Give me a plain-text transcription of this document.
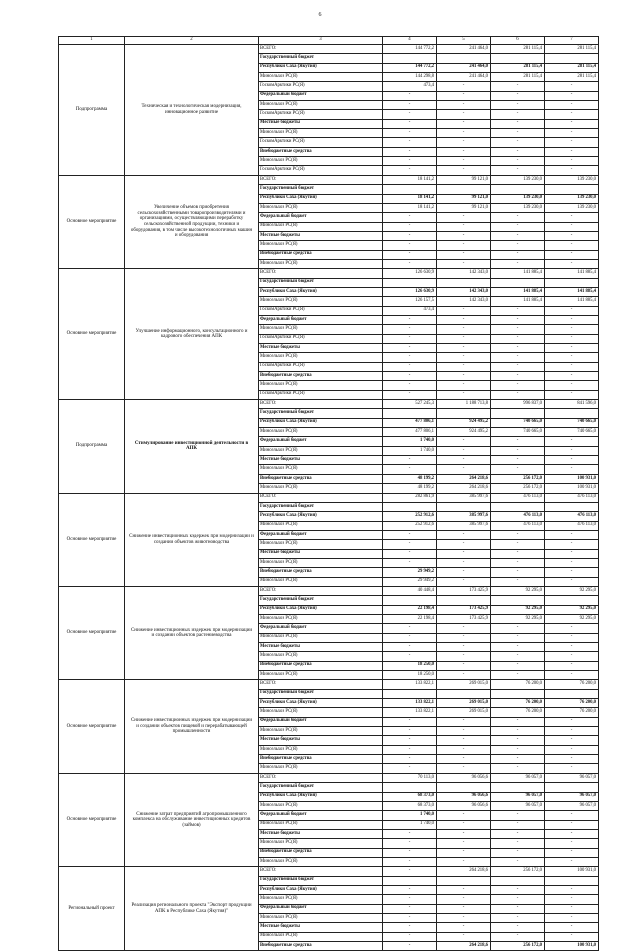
6
1	2	3	4	5	6	7
Подпрограмма	Техническая и технологическая модернизация, инновационное развитие	ВСЕГО:	144 772,2	241 464,0	281 115,4	281 115,4
		Государственный бюджет				
		Республики Саха (Якутия)	144 772,2	241 464,0	281 115,4	281 115,4
		Минсельхоз РС(Я)	144 298,8	241 464,0	281 115,4	281 115,4
		ГоскомАрктики РС(Я)	473,4	-	-	-
		Федеральный бюджет	-	-	-	-
		Минсельхоз РС(Я)	-	-	-	-
		ГоскомАрктики РС(Я)	-	-	-	-
		Местные бюджеты	-	-	-	-
		Минсельхоз РС(Я)	-	-	-	-
		ГоскомАрктики РС(Я)	-	-	-	-
		Внебюджетные средства	-	-	-	-
		Минсельхоз РС(Я)	-	-	-	-
		ГоскомАрктики РС(Я)	-	-	-	-
Основное мероприятие	Увеличение объемов приобретения сельскохозяйственными товаропроизводителями и организациями, осуществляющими переработку сельскохозяйственной продукции, техники и оборудования, в том числе высокотехнологичных машин и оборудования	ВСЕГО:	18 141,2	99 121,0	139 230,0	139 230,0
		Государственный бюджет				
		Республики Саха (Якутия)	18 141,2	99 121,0	139 230,0	139 230,0
		Минсельхоз РС(Я)	18 141,2	99 121,0	139 230,0	139 230,0
		Федеральный бюджет	-	-	-	-
		Минсельхоз РС(Я)	-	-	-	-
		Местные бюджеты	-	-	-	-
		Минсельхоз РС(Я)	-	-	-	-
		Внебюджетные средства	-	-	-	-
		Минсельхоз РС(Я)	-	-	-	-
Основное мероприятие	Улучшение информационного, консультационного и кадрового обеспечения АПК	ВСЕГО:	126 630,9	142 343,0	141 885,4	141 885,4
		Государственный бюджет				
		Республики Саха (Якутия)	126 630,9	142 343,0	141 885,4	141 885,4
		Минсельхоз РС(Я)	126 157,5	142 343,0	141 885,4	141 885,4
		ГоскомАрктики РС(Я)	473,4	-	-	-
		Федеральный бюджет	-	-	-	-
		Минсельхоз РС(Я)	-	-	-	-
		ГоскомАрктики РС(Я)	-	-	-	-
		Местные бюджеты	-	-	-	-
		Минсельхоз РС(Я)	-	-	-	-
		ГоскомАрктики РС(Я)	-	-	-	-
		Внебюджетные средства	-	-	-	-
		Минсельхоз РС(Я)	-	-	-	-
		ГоскомАрктики РС(Я)	-	-	-	-
Подпрограмма	Стимулирование инвестиционной деятельности в АПК	ВСЕГО:	527 245,3	1 188 713,8	996 837,0	841 596,0
		Государственный бюджет				
		Республики Саха (Якутия)	477 806,1	924 495,2	740 665,0	740 665,0
		Минсельхоз РС(Я)	477 806,1	924 495,2	740 665,0	740 665,0
		Федеральный бюджет	1 740,0	-	-	-
		Минсельхоз РС(Я)	1 740,0	-	-	-
		Местные бюджеты	-	-	-	-
		Минсельхоз РС(Я)	-	-	-	-
		Внебюджетные средства	48 199,2	264 218,6	256 172,0	100 931,0
		Минсельхоз РС(Я)	48 199,2	264 218,6	256 172,0	100 931,0
Основное мероприятие	Снижение инвестиционных кэдержек при модернизации и создании объектов животноводства	ВСЕГО:	282 861,9	385 997,6	476 113,0	476 113,0
		Государственный бюджет				
		Республики Саха (Якутия)	252 912,6	385 997,6	476 113,0	476 113,0
		Минсельхоз РС(Я)	252 912,6	385 997,6	476 113,0	476 113,0
		Федеральный бюджет	-	-	-	-
		Минсельхоз РС(Я)	-	-	-	-
		Местные бюджеты	-	-	-	-
		Минсельхоз РС(Я)	-	-	-	-
		Внебюджетные средства	29 949,2	-	-	-
		Минсельхоз РС(Я)	29 949,2	-	-	-
Основное мероприятие	Снижение инвестиционных издержек при модернизации и создании объектов растениеводства	ВСЕГО:	40 448,4	173 425,9	92 295,0	92 295,0
		Государственный бюджет				
		Республики Саха (Якутия)	22 198,4	173 425,9	92 295,0	92 295,0
		Минсельхоз РС(Я)	22 198,4	173 425,9	92 295,0	92 295,0
		Федеральный бюджет	-	-	-	-
		Минсельхоз РС(Я)	-	-	-	-
		Местные бюджеты	-	-	-	-
		Минсельхоз РС(Я)	-	-	-	-
		Внебюджетные средства	18 250,0	-	-	-
		Минсельхоз РС(Я)	18 250,0	-	-	-
Основное мероприятие	Снижение инвестиционных издержек при модернизации и создании объектов пищевой и перерабатывающей промышленности	ВСЕГО:	133 822,1	269 015,0	76 200,0	76 200,0
		Государственный бюджет				
		Республики Саха (Якутия)	133 822,1	269 015,0	76 200,0	76 200,0
		Минсельхоз РС(Я)	133 822,1	269 015,0	76 200,0	76 200,0
		Федеральный бюджет	-	-	-	-
		Минсельхоз РС(Я)	-	-	-	-
		Местные бюджеты	-	-	-	-
		Минсельхоз РС(Я)	-	-	-	-
		Внебюджетные средства	-	-	-	-
		Минсельхоз РС(Я)	-	-	-	-
Основное мероприятие	Снижение затрат предприятий агропромышленного комплекса на обслуживание инвестиционных кредитов (займов)	ВСЕГО:	70 113,0	96 056,6	96 057,0	96 057,0
		Государственный бюджет				
		Республики Саха (Якутия)	68 373,0	96 056,6	96 057,0	96 057,0
		Минсельхоз РС(Я)	68 373,0	96 056,6	96 057,0	96 057,0
		Федеральный бюджет	1 740,0	-	-	-
		Минсельхоз РС(Я)	1 740,0	-	-	-
		Местные бюджеты	-	-	-	-
		Минсельхоз РС(Я)	-	-	-	-
		Внебюджетные средства	-	-	-	-
		Минсельхоз РС(Я)	-	-	-	-
Региональный проект	Реализация регионального проекта "Экспорт продукции АПК в Республике Саха (Якутия)"	ВСЕГО:	-	264 218,6	256 172,0	100 931,0
		Государственный бюджет				
		Республики Саха (Якутия)	-	-	-	-
		Минсельхоз РС(Я)	-	-	-	-
		Федеральный бюджет	-	-	-	-
		Минсельхоз РС(Я)	-	-	-	-
		Местные бюджеты	-	-	-	-
		Минсельхоз РС(Я)	-	-	-	-
		Внебюджетные средства	-	264 218,6	256 172,0	100 931,0
